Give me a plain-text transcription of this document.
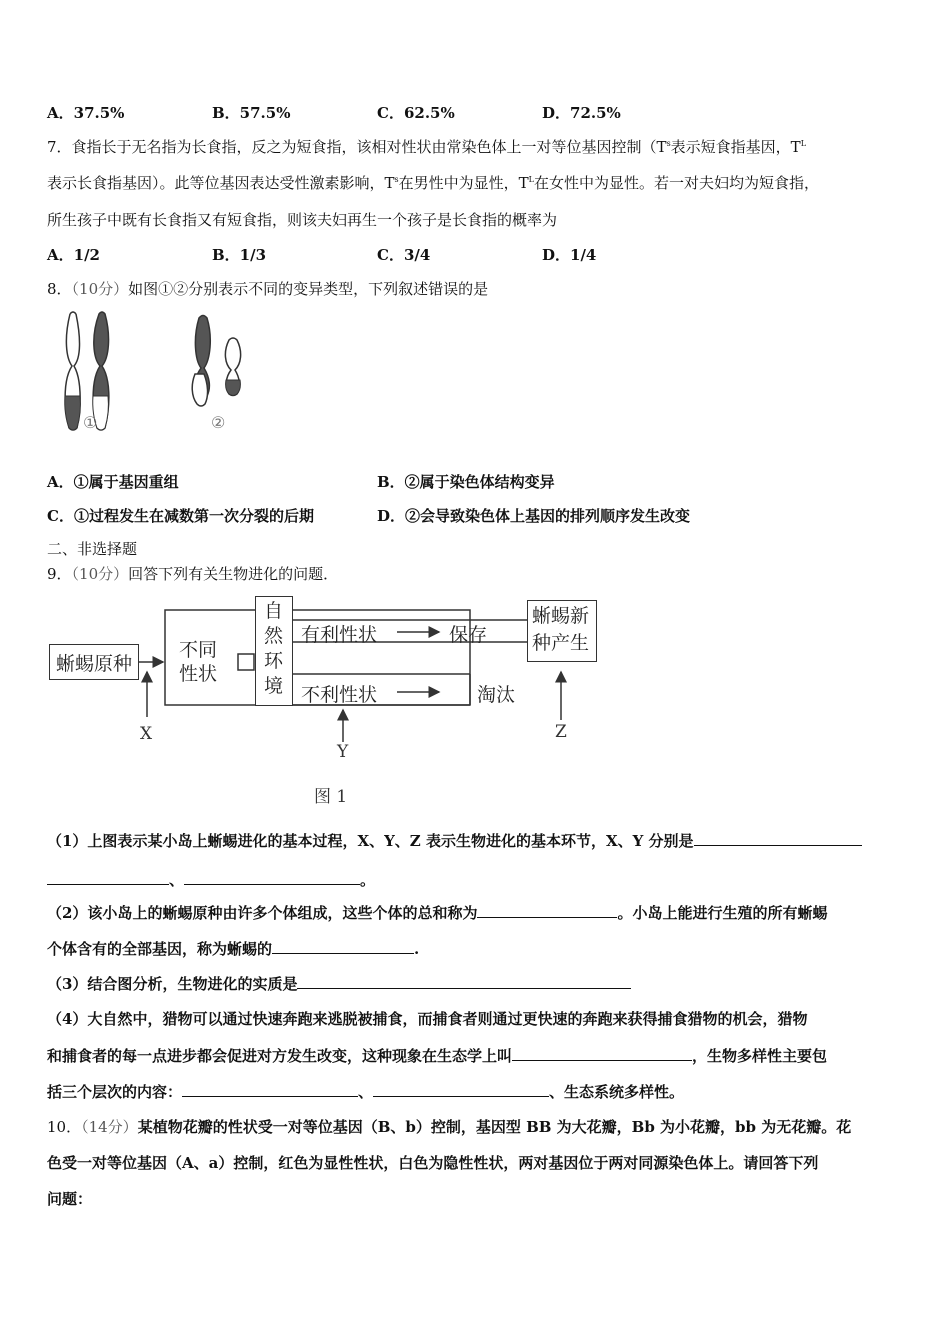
A．37.5%	B．57.5%	C．62.5%	D．72.5%
7．食指长于无名指为长食指，反之为短食指，该相对性状由常染色体上一对等位基因控制（$T^s$表示短食指基因，$T^L$
表示长食指基因）。此等位基因表达受性激素影响，$T^s$在男性中为显性，$T^L$在女性中为显性。若一对夫妇均为短食指，
所生孩子中既有长食指又有短食指，则该夫妇再生一个孩子是长食指的概率为
A．1/2	B．1/3	C．3/4	D．1/4
8．（10分）如图①②分别表示不同的变异类型，下列叙述错误的是
①	②
A．①属于基因重组	B．②属于染色体结构变异
C．①过程发生在减数第一次分裂的后期	D．②会导致染色体上基因的排列顺序发生改变
二、非选择题
9．（10分）回答下列有关生物进化的问题．
蜥蜴原种
不同
性状
自
然
环
境
有利性状	保存
不利性状	淘汰
蜥蜴新
种产生
X
Y
Z
图 1
（1）上图表示某小岛上蜥蜴进化的基本过程，X、Y、Z 表示生物进化的基本环节，X、Y 分别是
、	。
（2）该小岛上的蜥蜴原种由许多个体组成，这些个体的总和称为	。小岛上能进行生殖的所有蜥蜴
个体含有的全部基因，称为蜥蜴的	.
（3）结合图分析，生物进化的实质是
（4）大自然中，猎物可以通过快速奔跑来逃脱被捕食，而捕食者则通过更快速的奔跑来获得捕食猎物的机会，猎物
和捕食者的每一点进步都会促进对方发生改变，这种现象在生态学上叫	，生物多样性主要包
括三个层次的内容：	、	、生态系统多样性。
10．（14分）某植物花瓣的性状受一对等位基因（B、b）控制，基因型 BB 为大花瓣，Bb 为小花瓣，bb 为无花瓣。花
色受一对等位基因（A、a）控制，红色为显性性状，白色为隐性性状，两对基因位于两对同源染色体上。请回答下列
问题：
